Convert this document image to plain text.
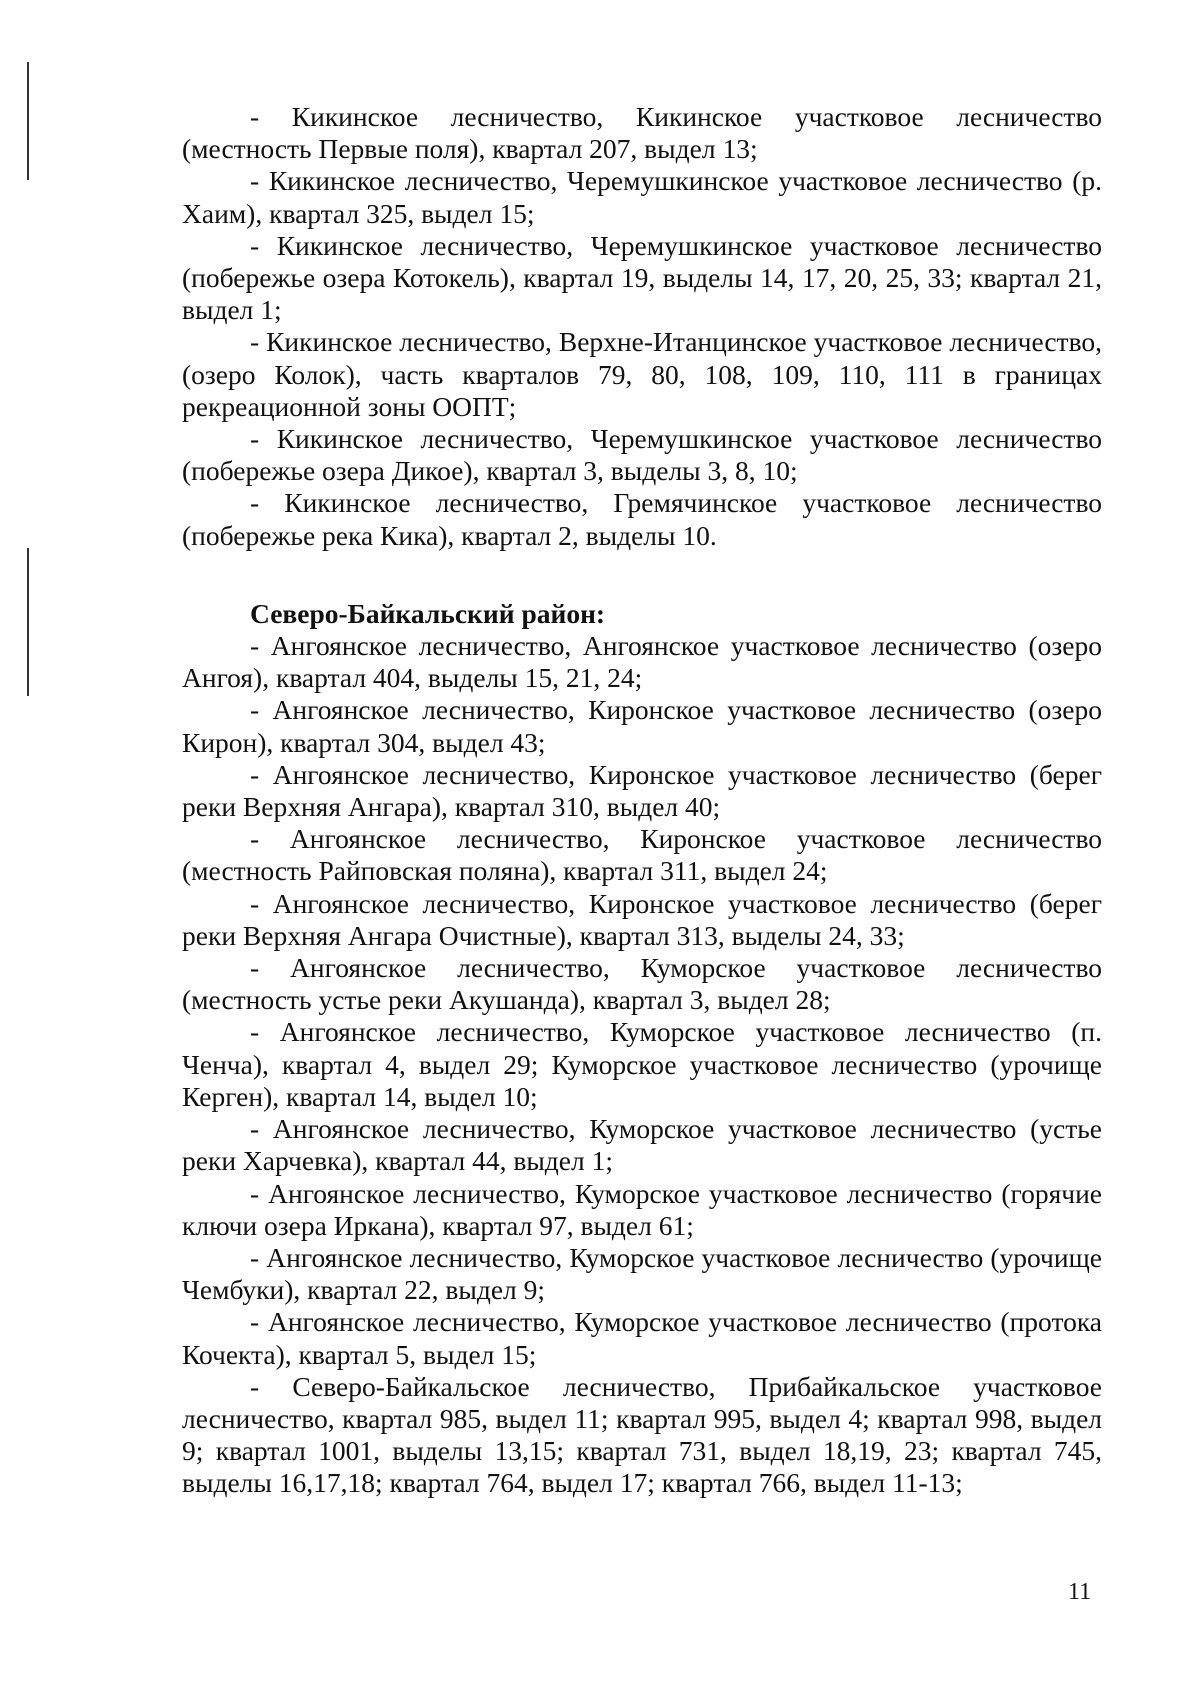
- Кикинское лесничество, Кикинское участковое лесничество (местность Первые поля), квартал 207, выдел 13;

- Кикинское лесничество, Черемушкинское участковое лесничество (р. Хаим), квартал 325, выдел 15;

- Кикинское лесничество, Черемушкинское участковое лесничество (побережье озера Котокель), квартал 19, выделы 14, 17, 20, 25, 33; квартал 21, выдел 1;

- Кикинское лесничество, Верхне-Итанцинское участковое лесничество, (озеро Колок), часть кварталов 79, 80, 108, 109, 110, 111 в границах рекреационной зоны ООПТ;

- Кикинское лесничество, Черемушкинское участковое лесничество (побережье озера Дикое), квартал 3, выделы 3, 8, 10;

- Кикинское лесничество, Гремячинское участковое лесничество (побережье река Кика), квартал 2, выделы 10.

Северо-Байкальский район:

- Ангоянское лесничество, Ангоянское участковое лесничество (озеро Ангоя), квартал 404, выделы 15, 21, 24;

- Ангоянское лесничество, Киронское участковое лесничество (озеро Кирон), квартал 304, выдел 43;

- Ангоянское лесничество, Киронское участковое лесничество (берег реки Верхняя Ангара), квартал 310, выдел 40;

- Ангоянское лесничество, Киронское участковое лесничество (местность Райповская поляна), квартал 311, выдел 24;

- Ангоянское лесничество, Киронское участковое лесничество (берег реки Верхняя Ангара Очистные), квартал 313, выделы 24, 33;

- Ангоянское лесничество, Куморское участковое лесничество (местность устье реки Акушанда), квартал 3, выдел 28;

- Ангоянское лесничество, Куморское участковое лесничество (п. Ченча), квартал 4, выдел 29; Куморское участковое лесничество (урочище Керген), квартал 14, выдел 10;

- Ангоянское лесничество, Куморское участковое лесничество (устье реки Харчевка), квартал 44, выдел 1;

- Ангоянское лесничество, Куморское участковое лесничество (горячие ключи озера Иркана), квартал 97, выдел 61;

- Ангоянское лесничество, Куморское участковое лесничество (урочище Чембуки), квартал 22, выдел 9;

- Ангоянское лесничество, Куморское участковое лесничество (протока Кочекта), квартал 5, выдел 15;

- Северо-Байкальское лесничество, Прибайкальское участковое лесничество, квартал 985, выдел 11; квартал 995, выдел 4; квартал 998, выдел 9; квартал 1001, выделы 13,15; квартал 731, выдел 18,19, 23; квартал 745, выделы 16,17,18; квартал 764, выдел 17; квартал 766, выдел 11-13;

11
